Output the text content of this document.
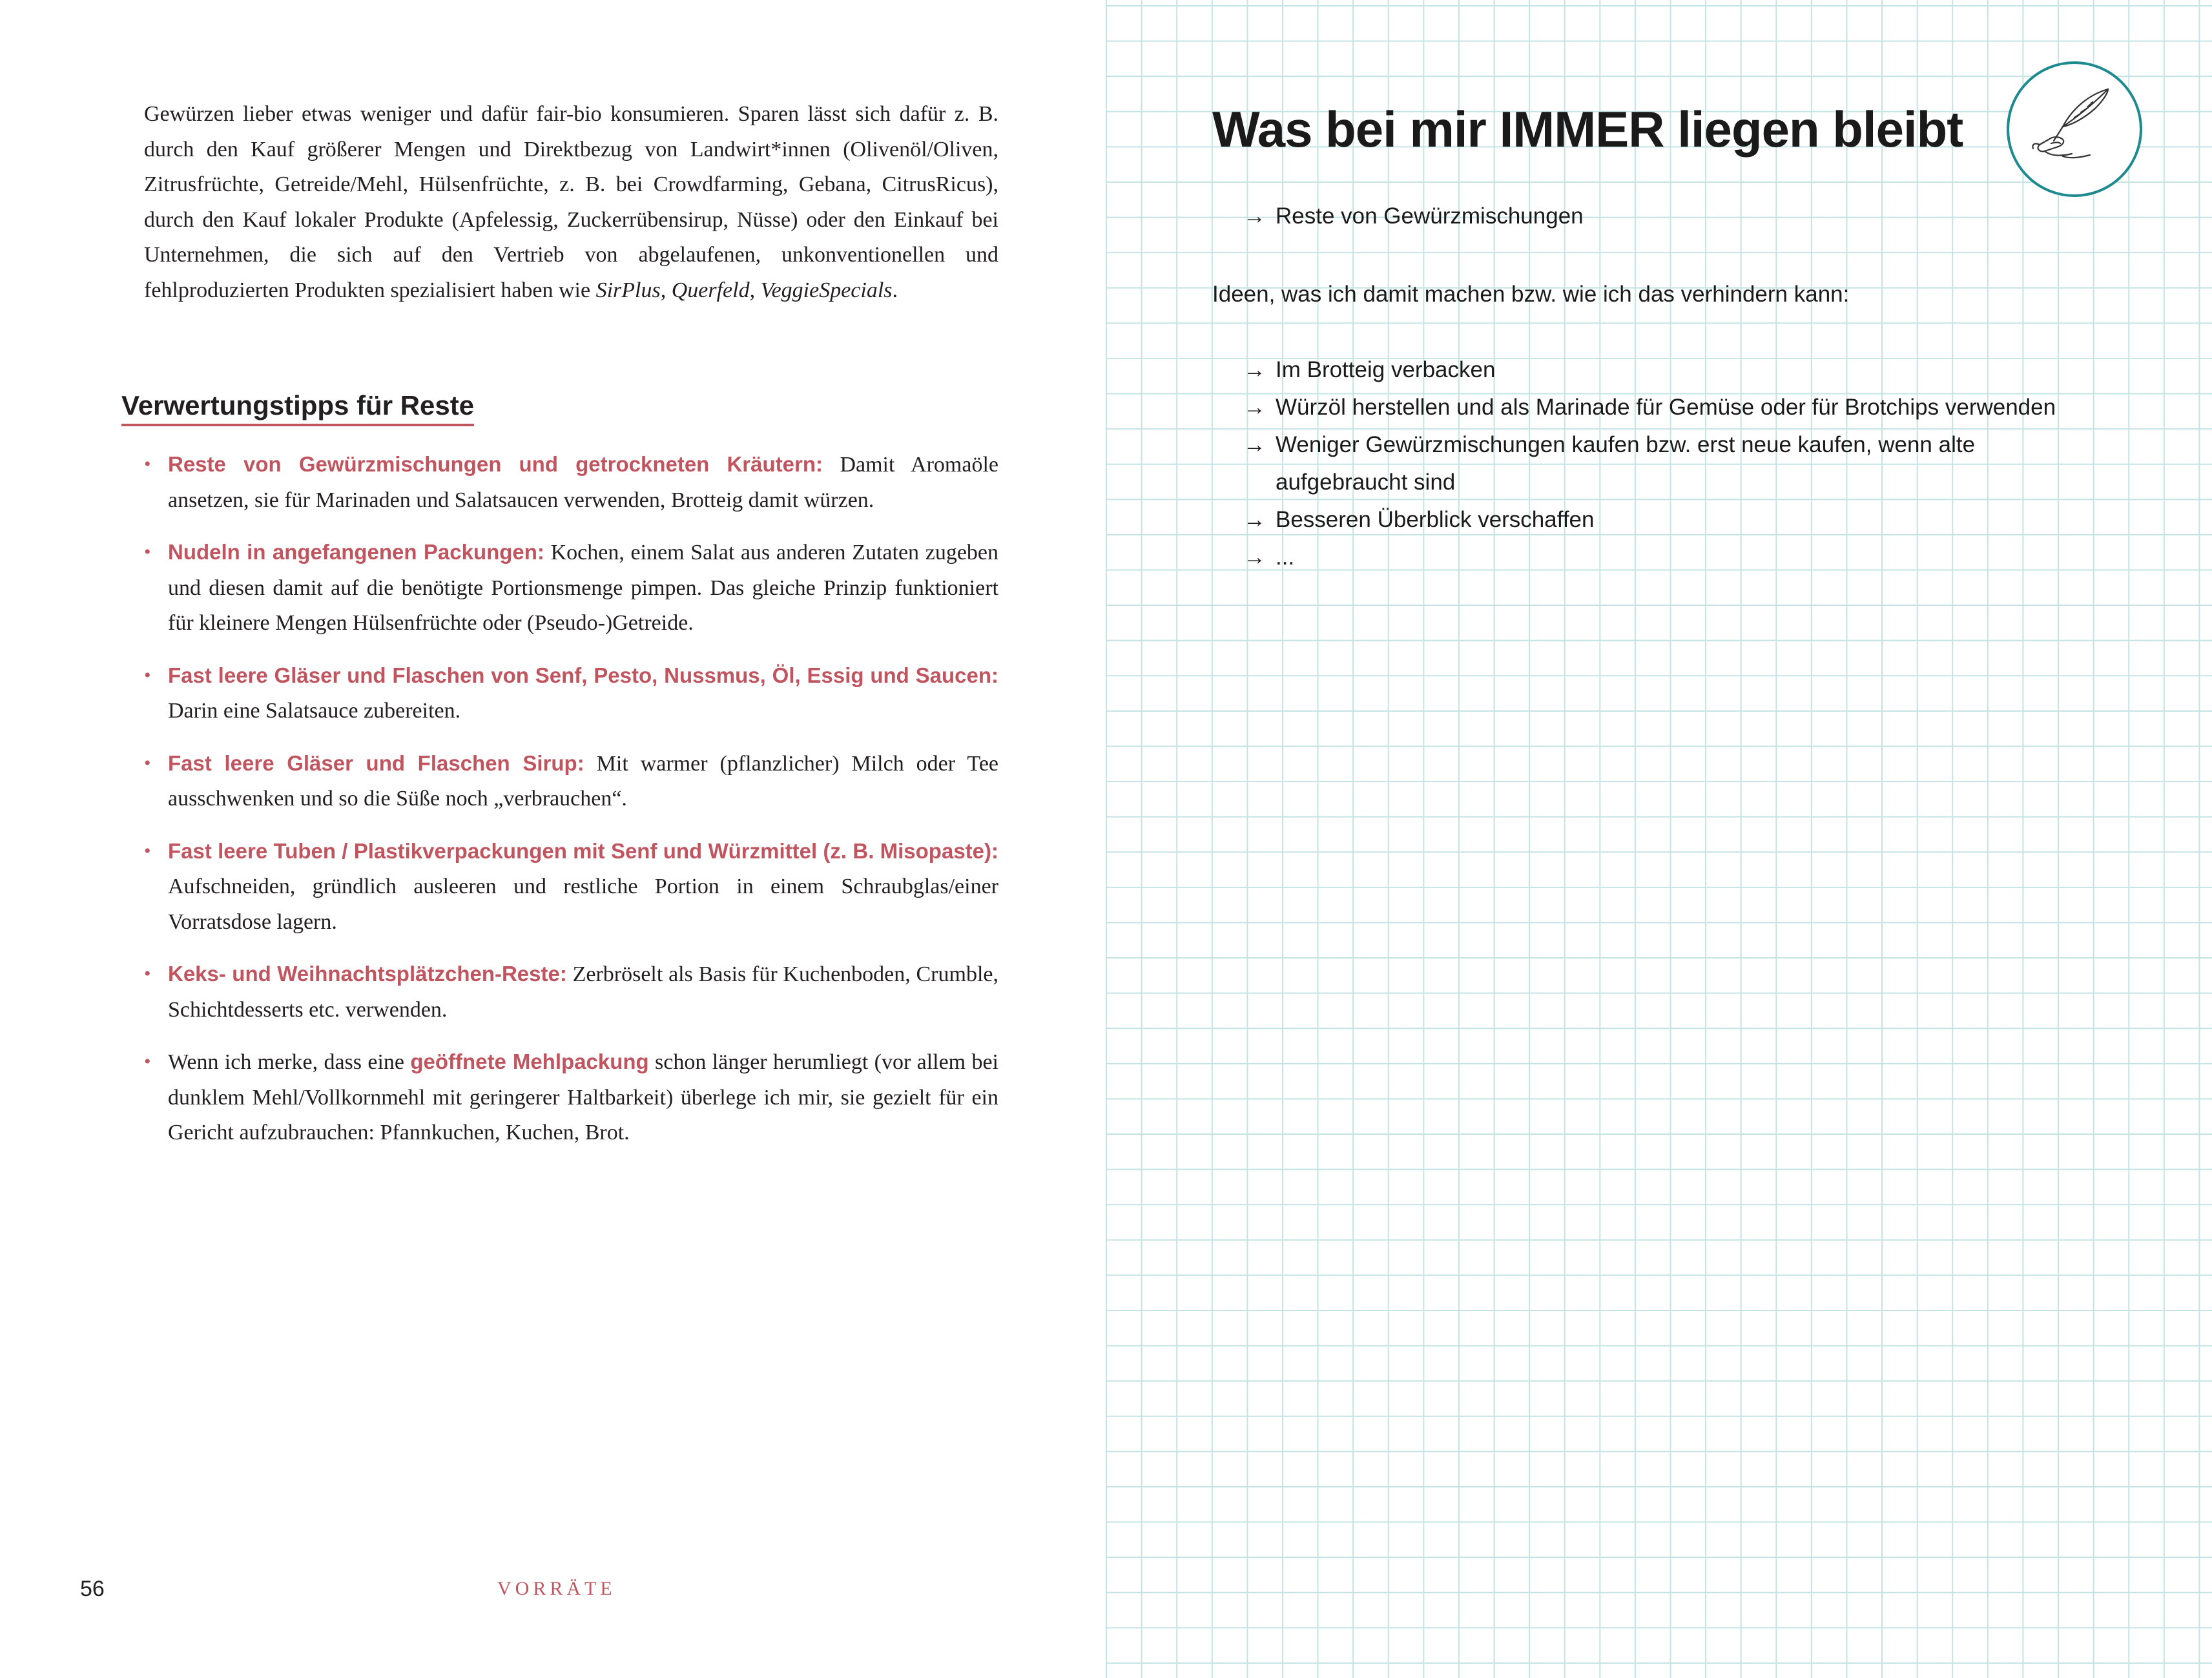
Gewürzen lieber etwas weniger und dafür fair-bio konsumieren. Sparen lässt sich dafür z. B. durch den Kauf größerer Mengen und Direktbezug von Landwirt*innen (Olivenöl/Oliven, Zitrusfrüchte, Getreide/Mehl, Hülsenfrüchte, z. B. bei Crowdfarming, Gebana, CitrusRicus), durch den Kauf lokaler Produkte (Apfelessig, Zuckerrübensirup, Nüsse) oder den Einkauf bei Unternehmen, die sich auf den Vertrieb von abgelaufenen, unkonventionellen und fehlproduzierten Produkten spezialisiert haben wie SirPlus, Querfeld, VeggieSpecials.

Verwertungstipps für Reste
• Reste von Gewürzmischungen und getrockneten Kräutern: Damit Aromaöle ansetzen, sie für Marinaden und Salatsaucen verwenden, Brotteig damit würzen.
• Nudeln in angefangenen Packungen: Kochen, einem Salat aus anderen Zutaten zugeben und diesen damit auf die benötigte Portionsmenge pimpen. Das gleiche Prinzip funktioniert für kleinere Mengen Hülsenfrüchte oder (Pseudo-)Getreide.
• Fast leere Gläser und Flaschen von Senf, Pesto, Nussmus, Öl, Essig und Saucen: Darin eine Salatsauce zubereiten.
• Fast leere Gläser und Flaschen Sirup: Mit warmer (pflanzlicher) Milch oder Tee ausschwenken und so die Süße noch „verbrauchen“.
• Fast leere Tuben / Plastikverpackungen mit Senf und Würzmittel (z. B. Misopaste): Aufschneiden, gründlich ausleeren und restliche Portion in einem Schraubglas/einer Vorratsdose lagern.
• Keks- und Weihnachtsplätzchen-Reste: Zerbröselt als Basis für Kuchenboden, Crumble, Schichtdesserts etc. verwenden.
• Wenn ich merke, dass eine geöffnete Mehlpackung schon länger herumliegt (vor allem bei dunklem Mehl/Vollkornmehl mit geringerer Haltbarkeit) überlege ich mir, sie gezielt für ein Gericht aufzubrauchen: Pfannkuchen, Kuchen, Brot.
56	VORRÄTE
Was bei mir IMMER liegen bleibt
→ Reste von Gewürzmischungen
Ideen, was ich damit machen bzw. wie ich das verhindern kann:
→ Im Brotteig verbacken
→ Würzöl herstellen und als Marinade für Gemüse oder für Brotchips verwenden
→ Weniger Gewürzmischungen kaufen bzw. erst neue kaufen, wenn alte aufgebraucht sind
→ Besseren Überblick verschaffen
→ ...
